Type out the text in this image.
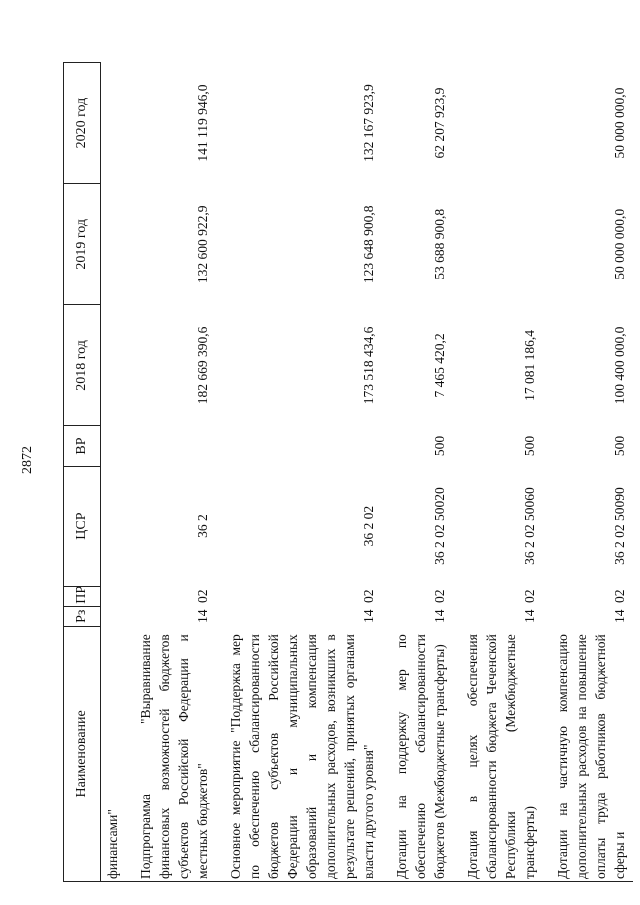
2872
Наименование	Рз	ПР	ЦСР	ВР	2018 год	2019 год	2020 год
финансами"							
Подпрограмма "Выравнивание финансовых возможностей бюджетов субъектов Российской Федерации и местных бюджетов"	14	02	36 2		182 669 390,6	132 600 922,9	141 119 946,0
Основное мероприятие "Поддержка мер по обеспечению сбалансированности бюджетов субъектов Российской Федерации и муниципальных образований и компенсация дополнительных расходов, возникших в результате решений, принятых органами власти другого уровня"	14	02	36 2 02		173 518 434,6	123 648 900,8	132 167 923,9
Дотации на поддержку мер по обеспечению сбалансированности бюджетов (Межбюджетные трансферты)	14	02	36 2 02 50020	500	7 465 420,2	53 688 900,8	62 207 923,9
Дотация в целях обеспечения сбалансированности бюджета Чеченской Республики (Межбюджетные трансферты)	14	02	36 2 02 50060	500	17 081 186,4		
Дотации на частичную компенсацию дополнительных расходов на повышение оплаты труда работников бюджетной сферы и	14	02	36 2 02 50090	500	100 400 000,0	50 000 000,0	50 000 000,0
